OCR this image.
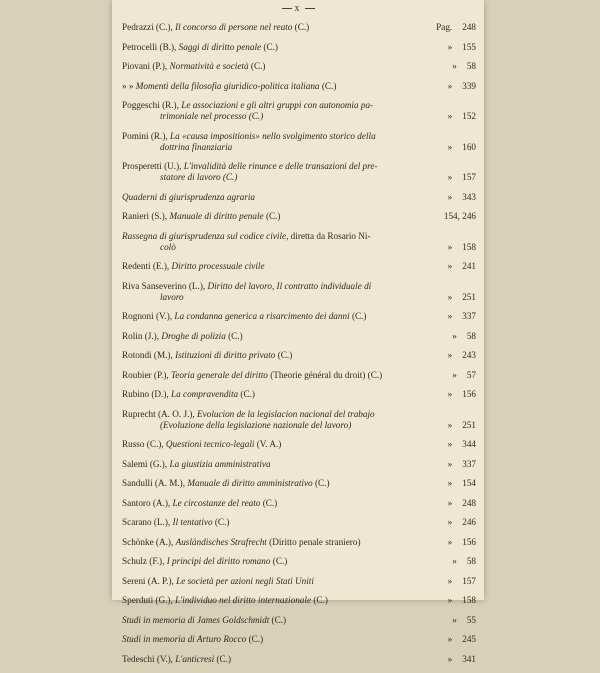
x
Pedrazzi (C.), Il concorso di persone nel reato (C.)	Pag. 248
Petrocelli (B.), Saggi di diritto penale (C.)	» 155
Piovani (P.), Normatività e società (C.)	» 58
» » Momenti della filosofia giuridico-politica italiana (C.)	» 339
Poggeschi (R.), Le associazioni e gli altri gruppi con autonomia pa-
trimoniale nel processo (C.)	» 152
Pomini (R.), La «causa impositionis» nello svolgimento storico della
dottrina finanziaria	» 160
Prosperetti (U.), L'invalidità delle rinunce e delle transazioni del pre-
statore di lavoro (C.)	» 157
Quaderni di giurisprudenza agraria	» 343
Ranieri (S.), Manuale di diritto penale (C.)	154, 246
Rassegna di giurisprudenza sul codice civile, diretta da Rosario Ni-
colò	» 158
Redenti (E.), Diritto processuale civile	» 241
Riva Sanseverino (L.), Diritto del lavoro, Il contratto individuale di
lavoro	» 251
Rognoni (V.), La condanna generica a risarcimento dei danni (C.)	» 337
Rolin (J.), Droghe di polizia (C.)	» 58
Rotondi (M.), Istituzioni di diritto privato (C.)	» 243
Roubier (P.), Teoria generale del diritto (Theorie général du droit) (C.)	» 57
Rubino (D.), La compravendita (C.)	» 156
Ruprecht (A. O. J.), Evolucion de la legislacion nacional del trabajo
(Evoluzione della legislazione nazionale del lavoro)	» 251
Russo (C.), Questioni tecnico-legali (V. A.)	» 344
Salemi (G.), La giustizia amministrativa	» 337
Sandulli (A. M.), Manuale di diritto amministrativo (C.)	» 154
Santoro (A.), Le circostanze del reato (C.)	» 248
Scarano (L.), Il tentativo (C.)	» 246
Schönke (A.), Ausländisches Strafrecht (Diritto penale straniero)	» 156
Schulz (F.), I principi del diritto romano (C.)	» 58
Sereni (A. P.), Le società per azioni negli Stati Uniti	» 157
Sperduti (G.), L'individuo nel diritto internazionale (C.)	» 158
Studi in memoria di James Goldschmidt (C.)	» 55
Studi in memoria di Arturo Rocco (C.)	» 245
Tedeschi (V.), L'anticresi (C.)	» 341
